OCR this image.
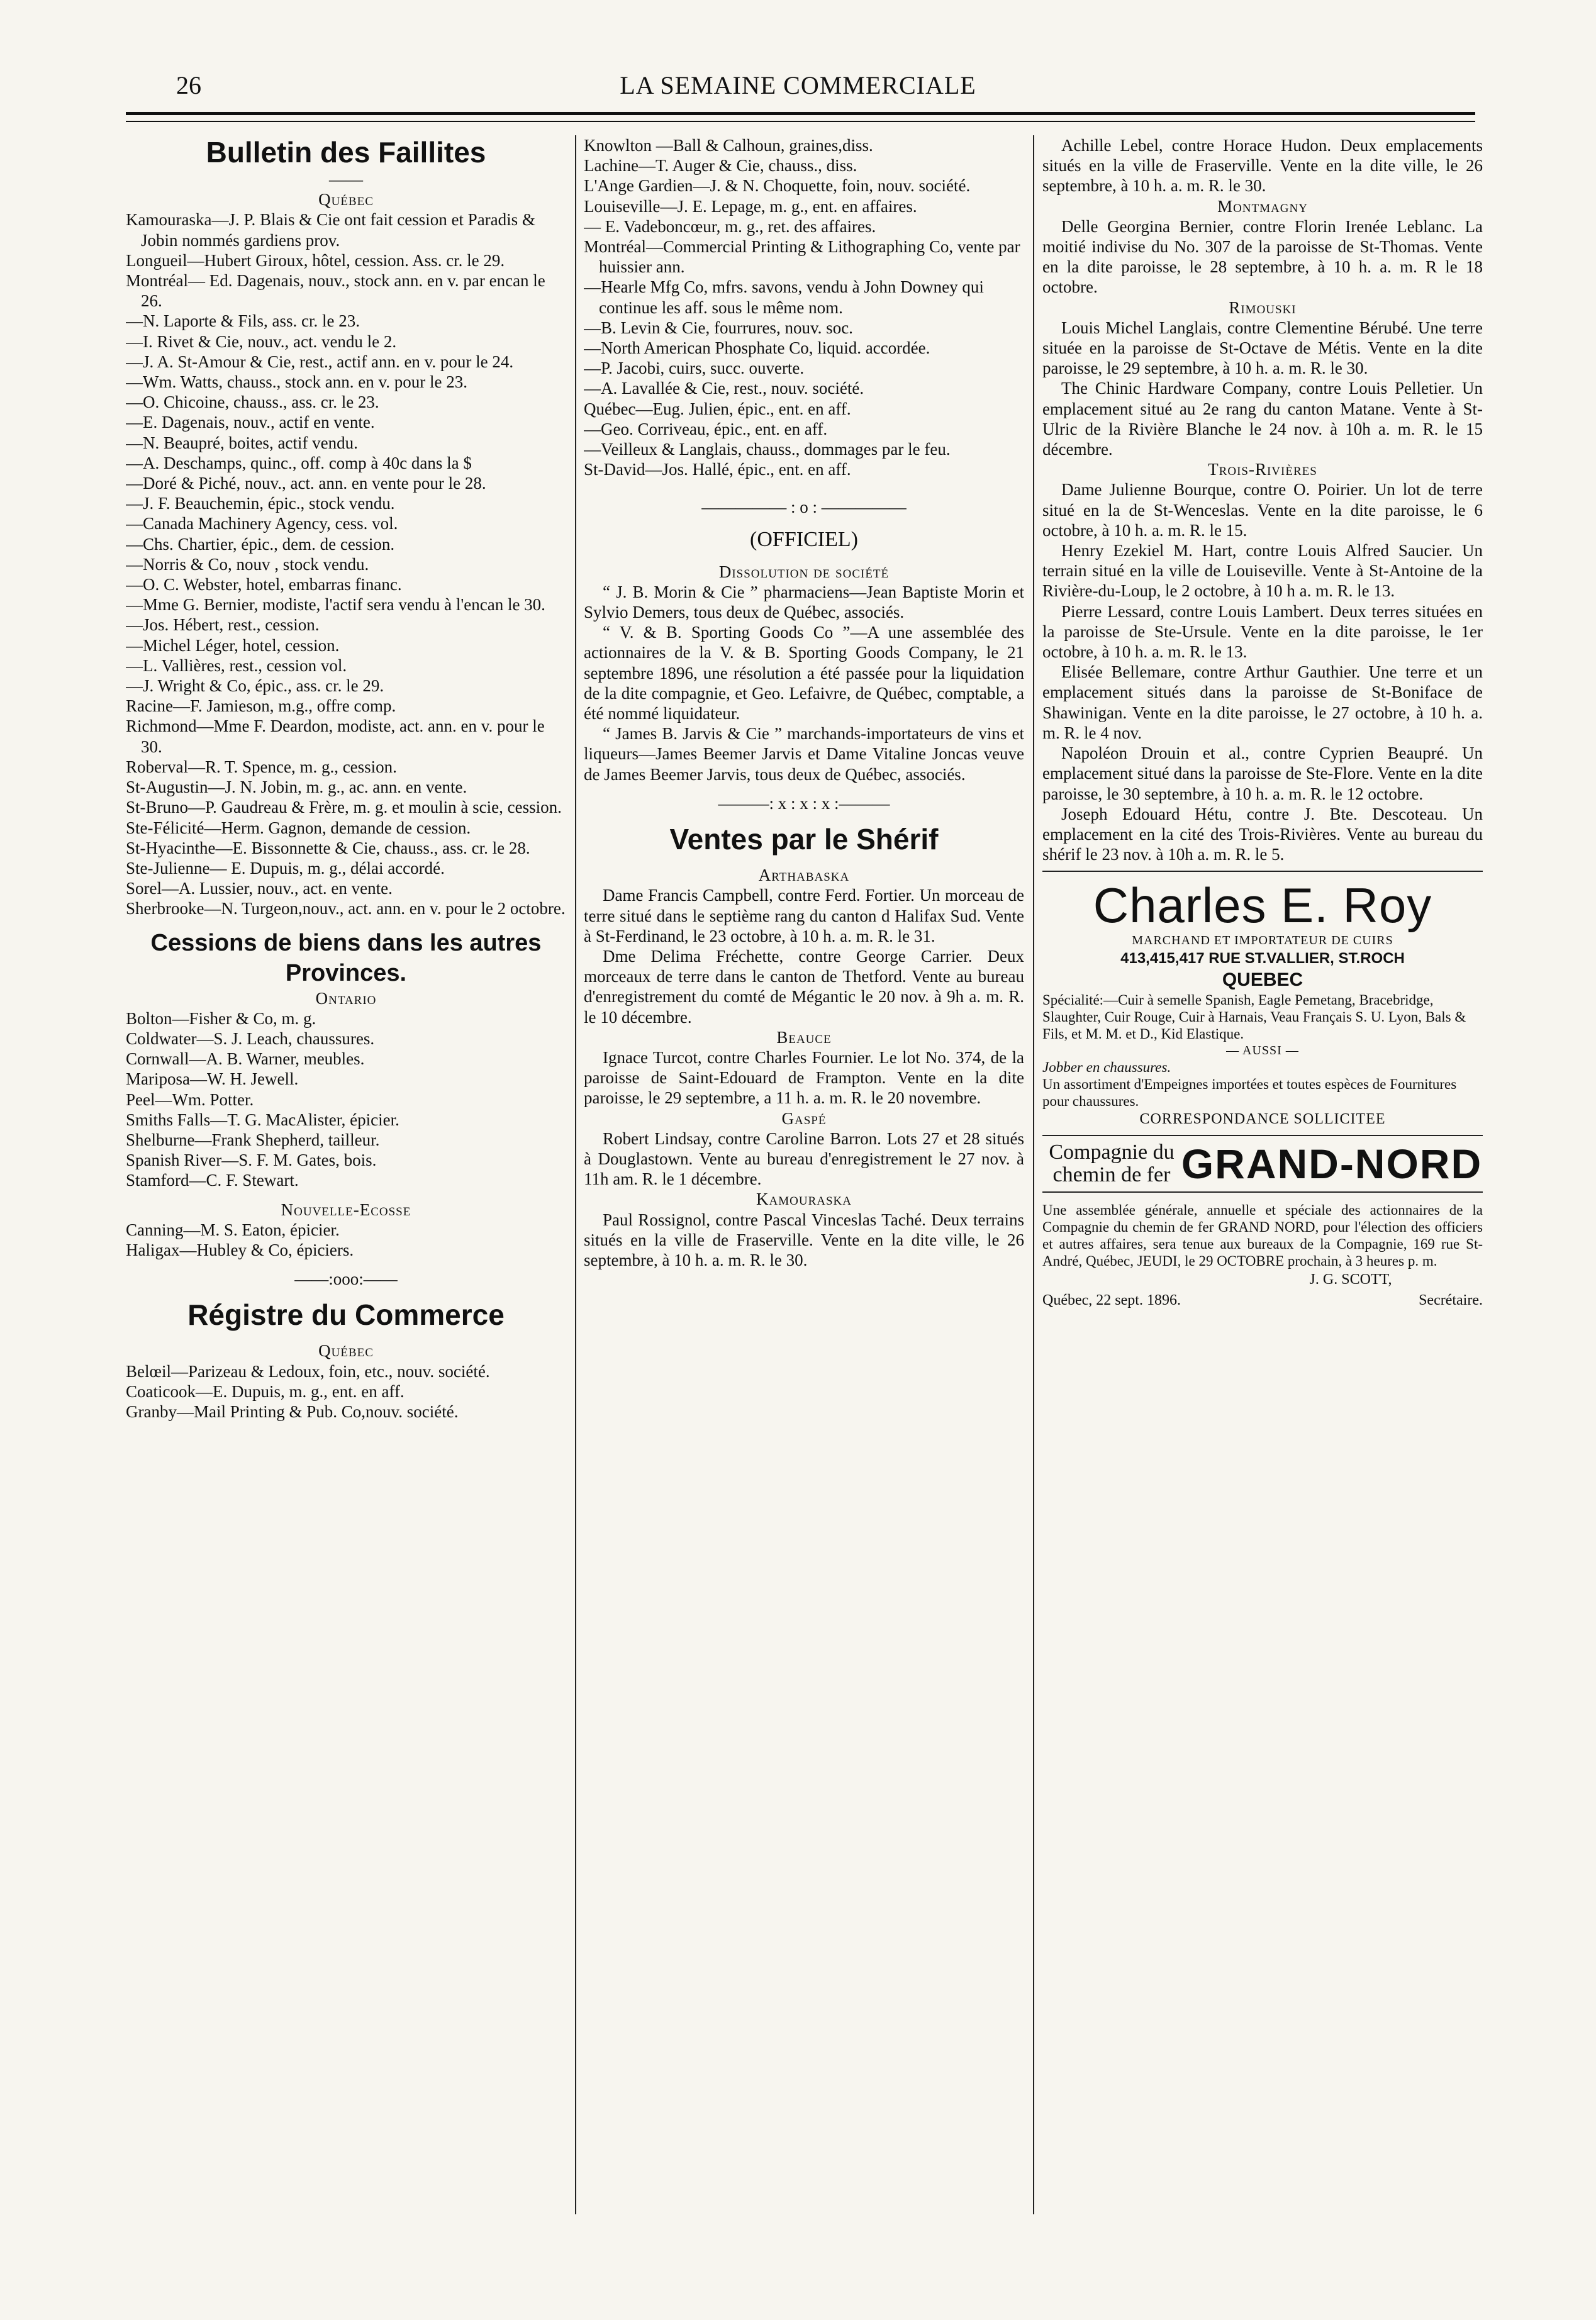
26	LA SEMAINE COMMERCIALE

Bulletin des Faillites

——

Québec

Kamouraska—J. P. Blais & Cie ont fait cession et Paradis & Jobin nommés gardiens prov.

Longueil—Hubert Giroux, hôtel, cession. Ass. cr. le 29.

Montréal— Ed. Dagenais, nouv., stock ann. en v. par encan le 26.

—N. Laporte & Fils, ass. cr. le 23.

—I. Rivet & Cie, nouv., act. vendu le 2.

—J. A. St-Amour & Cie, rest., actif ann. en v. pour le 24.

—Wm. Watts, chauss., stock ann. en v. pour le 23.

—O. Chicoine, chauss., ass. cr. le 23.

—E. Dagenais, nouv., actif en vente.

—N. Beaupré, boites, actif vendu.

—A. Deschamps, quinc., off. comp à 40c dans la $

—Doré & Piché, nouv., act. ann. en vente pour le 28.

—J. F. Beauchemin, épic., stock vendu.

—Canada Machinery Agency, cess. vol.

—Chs. Chartier, épic., dem. de cession.

—Norris & Co, nouv , stock vendu.

—O. C. Webster, hotel, embarras financ.

—Mme G. Bernier, modiste, l'actif sera vendu à l'encan le 30.

—Jos. Hébert, rest., cession.

—Michel Léger, hotel, cession.

—L. Vallières, rest., cession vol.

—J. Wright & Co, épic., ass. cr. le 29.

Racine—F. Jamieson, m.g., offre comp.

Richmond—Mme F. Deardon, modiste, act. ann. en v. pour le 30.

Roberval—R. T. Spence, m. g., cession.

St-Augustin—J. N. Jobin, m. g., ac. ann. en vente.

St-Bruno—P. Gaudreau & Frère, m. g. et moulin à scie, cession.

Ste-Félicité—Herm. Gagnon, demande de cession.

St-Hyacinthe—E. Bissonnette & Cie, chauss., ass. cr. le 28.

Ste-Julienne— E. Dupuis, m. g., délai accordé.

Sorel—A. Lussier, nouv., act. en vente.

Sherbrooke—N. Turgeon,nouv., act. ann. en v. pour le 2 octobre.

Cessions de biens dans les autres Provinces.

Ontario

Bolton—Fisher & Co, m. g.

Coldwater—S. J. Leach, chaussures.

Cornwall—A. B. Warner, meubles.

Mariposa—W. H. Jewell.

Peel—Wm. Potter.

Smiths Falls—T. G. MacAlister, épicier.

Shelburne—Frank Shepherd, tailleur.

Spanish River—S. F. M. Gates, bois.

Stamford—C. F. Stewart.

Nouvelle-Ecosse

Canning—M. S. Eaton, épicier.

Haligax—Hubley & Co, épiciers.

——:ooo:——

Régistre du Commerce

Québec

Belœil—Parizeau & Ledoux, foin, etc., nouv. société.

Coaticook—E. Dupuis, m. g., ent. en aff.

Granby—Mail Printing & Pub. Co,nouv. société.

Knowlton —Ball & Calhoun, graines,diss.

Lachine—T. Auger & Cie, chauss., diss.

L'Ange Gardien—J. & N. Choquette, foin, nouv. société.

Louiseville—J. E. Lepage, m. g., ent. en affaires.

— E. Vadeboncœur, m. g., ret. des affaires.

Montréal—Commercial Printing & Lithographing Co, vente par huissier ann.

—Hearle Mfg Co, mfrs. savons, vendu à John Downey qui continue les aff. sous le même nom.

—B. Levin & Cie, fourrures, nouv. soc.

—North American Phosphate Co, liquid. accordée.

—P. Jacobi, cuirs, succ. ouverte.

—A. Lavallée & Cie, rest., nouv. société.

Québec—Eug. Julien, épic., ent. en aff.

—Geo. Corriveau, épic., ent. en aff.

—Veilleux & Langlais, chauss., dommages par le feu.

St-David—Jos. Hallé, épic., ent. en aff.

————— : o : —————

(OFFICIEL)

Dissolution de société

“ J. B. Morin & Cie ” pharmaciens—Jean Baptiste Morin et Sylvio Demers, tous deux de Québec, associés.

“ V. & B. Sporting Goods Co ”—A une assemblée des actionnaires de la V. & B. Sporting Goods Company, le 21 septembre 1896, une résolution a été passée pour la liquidation de la dite compagnie, et Geo. Lefaivre, de Québec, comptable, a été nommé liquidateur.

“ James B. Jarvis & Cie ” marchands-importateurs de vins et liqueurs—James Beemer Jarvis et Dame Vitaline Joncas veuve de James Beemer Jarvis, tous deux de Québec, associés.

———: x : x : x :———

Ventes par le Shérif

Arthabaska

Dame Francis Campbell, contre Ferd. Fortier. Un morceau de terre situé dans le septième rang du canton d Halifax Sud. Vente à St-Ferdinand, le 23 octobre, à 10 h. a. m. R. le 31.

Dme Delima Fréchette, contre George Carrier. Deux morceaux de terre dans le canton de Thetford. Vente au bureau d'enregistrement du comté de Mégantic le 20 nov. à 9h a. m. R. le 10 décembre.

Beauce

Ignace Turcot, contre Charles Fournier. Le lot No. 374, de la paroisse de Saint-Edouard de Frampton. Vente en la dite paroisse, le 29 septembre, a 11 h. a. m. R. le 20 novembre.

Gaspé

Robert Lindsay, contre Caroline Barron. Lots 27 et 28 situés à Douglastown. Vente au bureau d'enregistrement le 27 nov. à 11h am. R. le 1 décembre.

Kamouraska

Paul Rossignol, contre Pascal Vinceslas Taché. Deux terrains situés en la ville de Fraserville. Vente en la dite ville, le 26 septembre, à 10 h. a. m. R. le 30.

Achille Lebel, contre Horace Hudon. Deux emplacements situés en la ville de Fraserville. Vente en la dite ville, le 26 septembre, à 10 h. a. m. R. le 30.

Montmagny

Delle Georgina Bernier, contre Florin Irenée Leblanc. La moitié indivise du No. 307 de la paroisse de St-Thomas. Vente en la dite paroisse, le 28 septembre, à 10 h. a. m. R le 18 octobre.

Rimouski

Louis Michel Langlais, contre Clementine Bérubé. Une terre située en la paroisse de St-Octave de Métis. Vente en la dite paroisse, le 29 septembre, à 10 h. a. m. R. le 30.

The Chinic Hardware Company, contre Louis Pelletier. Un emplacement situé au 2e rang du canton Matane. Vente à St-Ulric de la Rivière Blanche le 24 nov. à 10h a. m. R. le 15 décembre.

Trois-Rivières

Dame Julienne Bourque, contre O. Poirier. Un lot de terre situé en la de St-Wenceslas. Vente en la dite paroisse, le 6 octobre, à 10 h. a. m. R. le 15.

Henry Ezekiel M. Hart, contre Louis Alfred Saucier. Un terrain situé en la ville de Louiseville. Vente à St-Antoine de la Rivière-du-Loup, le 2 octobre, à 10 h a. m. R. le 13.

Pierre Lessard, contre Louis Lambert. Deux terres situées en la paroisse de Ste-Ursule. Vente en la dite paroisse, le 1er octobre, à 10 h. a. m. R. le 13.

Elisée Bellemare, contre Arthur Gauthier. Une terre et un emplacement situés dans la paroisse de St-Boniface de Shawinigan. Vente en la dite paroisse, le 27 octobre, à 10 h. a. m. R. le 4 nov.

Napoléon Drouin et al., contre Cyprien Beaupré. Un emplacement situé dans la paroisse de Ste-Flore. Vente en la dite paroisse, le 30 septembre, à 10 h. a. m. R. le 12 octobre.

Joseph Edouard Hétu, contre J. Bte. Descoteau. Un emplacement en la cité des Trois-Rivières. Vente au bureau du shérif le 23 nov. à 10h a. m. R. le 5.

Charles E. Roy

MARCHAND ET IMPORTATEUR DE CUIRS

413,415,417 RUE ST.VALLIER, ST.ROCH

QUEBEC

Spécialité:—Cuir à semelle Spanish, Eagle Pemetang, Bracebridge, Slaughter, Cuir Rouge, Cuir à Harnais, Veau Français S. U. Lyon, Bals & Fils, et M. M. et D., Kid Elastique.

— AUSSI —

Jobber en chaussures.

Un assortiment d'Empeignes importées et toutes espèces de Fournitures pour chaussures.

CORRESPONDANCE SOLLICITEE

Compagnie du chemin de fer GRAND-NORD

Une assemblée générale, annuelle et spéciale des actionnaires de la Compagnie du chemin de fer GRAND NORD, pour l'élection des officiers et autres affaires, sera tenue aux bureaux de la Compagnie, 169 rue St-André, Québec, JEUDI, le 29 OCTOBRE prochain, à 3 heures p. m.

J. G. SCOTT,

Québec, 22 sept. 1896.	Secrétaire.
